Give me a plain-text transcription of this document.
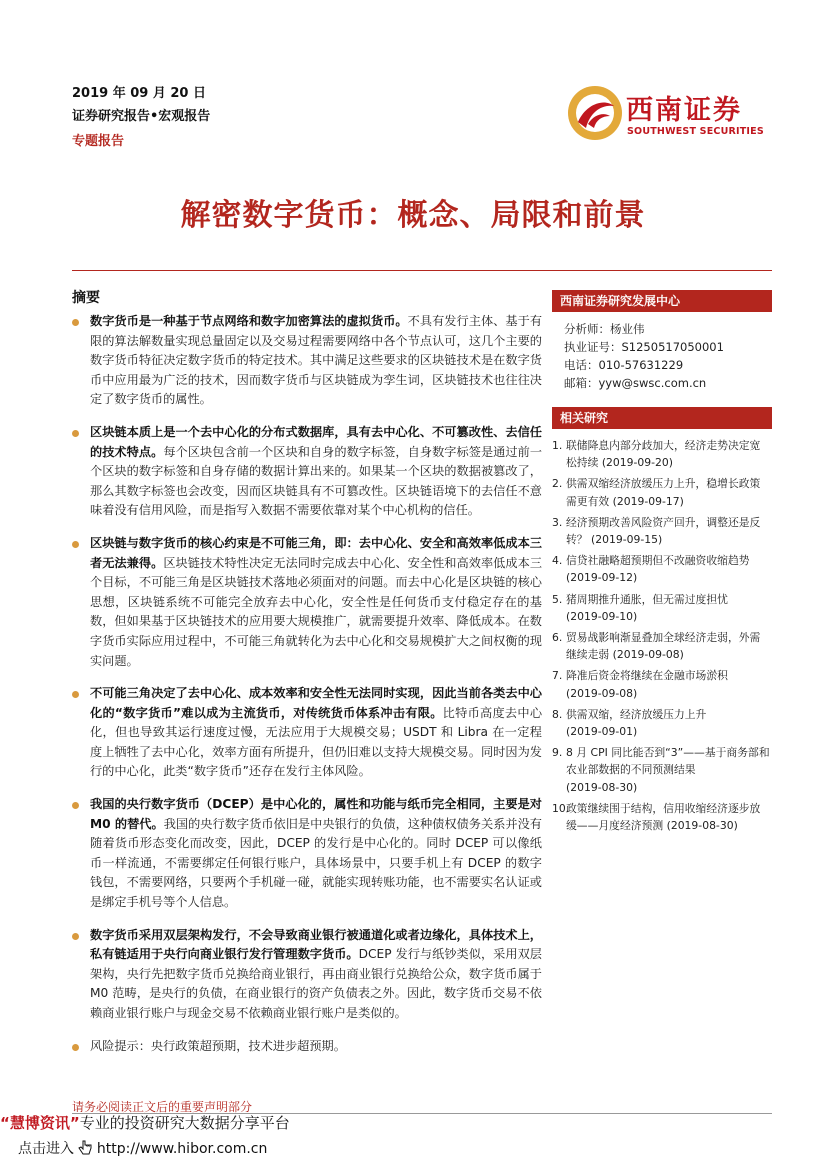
2019 年 09 月 20 日
证券研究报告•宏观报告
专题报告
西南证券
SOUTHWEST SECURITIES
解密数字货币：概念、局限和前景
摘要
数字货币是一种基于节点网络和数字加密算法的虚拟货币。不具有发行主体、基于有限的算法解数量实现总量固定以及交易过程需要网络中各个节点认可，这几个主要的数字货币特征决定数字货币的特定技术。其中满足这些要求的区块链技术是在数字货币中应用最为广泛的技术，因而数字货币与区块链成为孪生词，区块链技术也往往决定了数字货币的属性。
区块链本质上是一个去中心化的分布式数据库，具有去中心化、不可篡改性、去信任的技术特点。每个区块包含前一个区块和自身的数字标签，自身数字标签是通过前一个区块的数字标签和自身存储的数据计算出来的。如果某一个区块的数据被篡改了，那么其数字标签也会改变，因而区块链具有不可篡改性。区块链语境下的去信任不意味着没有信用风险，而是指写入数据不需要依靠对某个中心机构的信任。
区块链与数字货币的核心约束是不可能三角，即：去中心化、安全和高效率低成本三者无法兼得。区块链技术特性决定无法同时完成去中心化、安全性和高效率低成本三个目标，不可能三角是区块链技术落地必须面对的问题。而去中心化是区块链的核心思想，区块链系统不可能完全放弃去中心化，安全性是任何货币支付稳定存在的基数，但如果基于区块链技术的应用要大规模推广，就需要提升效率、降低成本。在数字货币实际应用过程中，不可能三角就转化为去中心化和交易规模扩大之间权衡的现实问题。
不可能三角决定了去中心化、成本效率和安全性无法同时实现，因此当前各类去中心化的“数字货币”难以成为主流货币，对传统货币体系冲击有限。比特币高度去中心化，但也导致其运行速度过慢，无法应用于大规模交易；USDT 和 Libra 在一定程度上牺牲了去中心化，效率方面有所提升，但仍旧难以支持大规模交易。同时因为发行的中心化，此类“数字货币”还存在发行主体风险。
我国的央行数字货币（DCEP）是中心化的，属性和功能与纸币完全相同，主要是对 M0 的替代。我国的央行数字货币依旧是中央银行的负债，这种债权债务关系并没有随着货币形态变化而改变，因此，DCEP 的发行是中心化的。同时 DCEP 可以像纸币一样流通，不需要绑定任何银行账户，具体场景中，只要手机上有 DCEP 的数字钱包，不需要网络，只要两个手机碰一碰，就能实现转账功能，也不需要实名认证或是绑定手机号等个人信息。
数字货币采用双层架构发行，不会导致商业银行被通道化或者边缘化，具体技术上，私有链适用于央行向商业银行发行管理数字货币。DCEP 发行与纸钞类似，采用双层架构，央行先把数字货币兑换给商业银行，再由商业银行兑换给公众，数字货币属于 M0 范畴，是央行的负债，在商业银行的资产负债表之外。因此，数字货币交易不依赖商业银行账户与现金交易不依赖商业银行账户是类似的。
风险提示：央行政策超预期，技术进步超预期。
西南证券研究发展中心
分析师：杨业伟
执业证号：S1250517050001
电话：010-57631229
邮箱：yyw@swsc.com.cn
相关研究
1. 联储降息内部分歧加大，经济走势决定宽松持续 (2019-09-20)
2. 供需双缩经济放缓压力上升，稳增长政策需更有效 (2019-09-17)
3. 经济预期改善风险资产回升，调整还是反转？ (2019-09-15)
4. 信贷社融略超预期但不改融资收缩趋势 (2019-09-12)
5. 猪周期推升通胀，但无需过度担忧 (2019-09-10)
6. 贸易战影响渐显叠加全球经济走弱，外需继续走弱 (2019-09-08)
7. 降准后资金将继续在金融市场淤积 (2019-09-08)
8. 供需双缩，经济放缓压力上升 (2019-09-01)
9. 8 月 CPI 同比能否到“3”——基于商务部和农业部数据的不同预测结果 (2019-08-30)
10.
政策继续围于结构，信用收缩经济逐步放缓——月度经济预测 (2019-08-30)
请务必阅读正文后的重要声明部分
“慧博资讯”专业的投资研究大数据分享平台
点击进入 http://www.hibor.com.cn
